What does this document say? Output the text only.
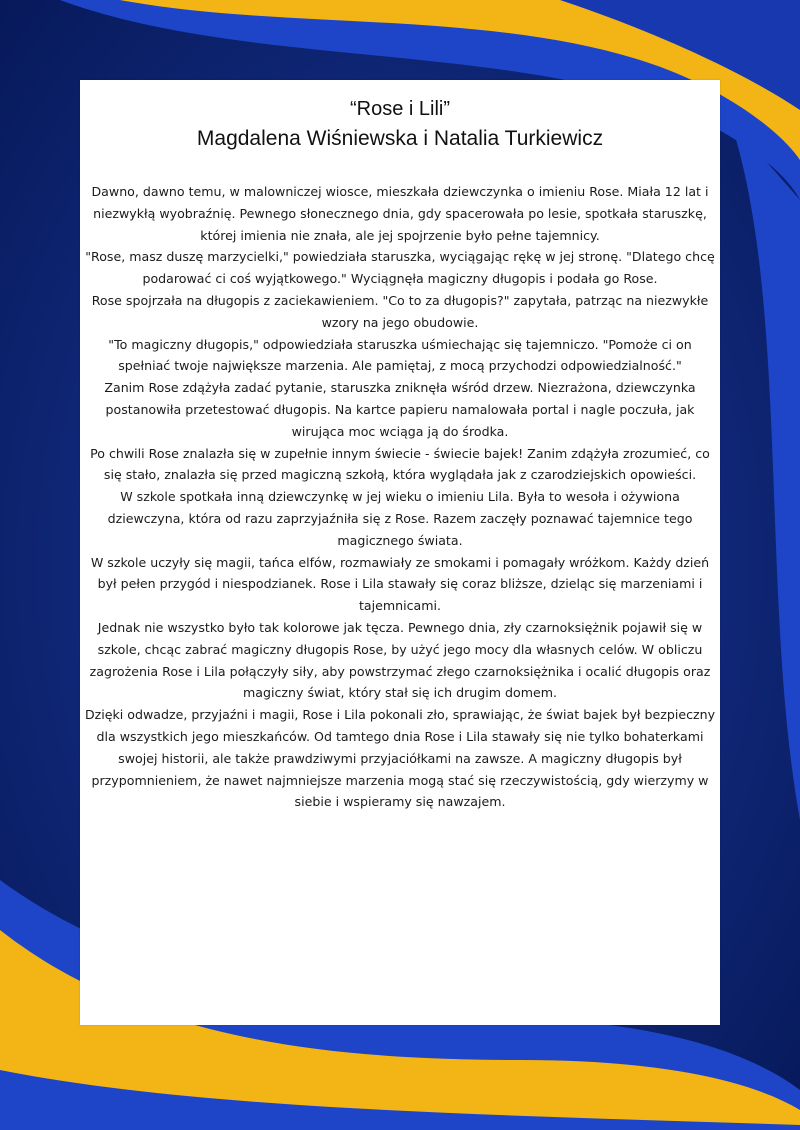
“Rose i Lili”
Magdalena Wiśniewska i Natalia Turkiewicz

Dawno, dawno temu, w malowniczej wiosce, mieszkała dziewczynka o imieniu Rose. Miała 12 lat i niezwykłą wyobraźnię. Pewnego słonecznego dnia, gdy spacerowała po lesie, spotkała staruszkę, której imienia nie znała, ale jej spojrzenie było pełne tajemnicy.

"Rose, masz duszę marzycielki," powiedziała staruszka, wyciągając rękę w jej stronę. "Dlatego chcę podarować ci coś wyjątkowego." Wyciągnęła magiczny długopis i podała go Rose.

Rose spojrzała na długopis z zaciekawieniem. "Co to za długopis?" zapytała, patrząc na niezwykłe wzory na jego obudowie.

"To magiczny długopis," odpowiedziała staruszka uśmiechając się tajemniczo. "Pomoże ci on spełniać twoje największe marzenia. Ale pamiętaj, z mocą przychodzi odpowiedzialność."

Zanim Rose zdążyła zadać pytanie, staruszka zniknęła wśród drzew. Niezrażona, dziewczynka postanowiła przetestować długopis. Na kartce papieru namalowała portal i nagle poczuła, jak wirująca moc wciąga ją do środka.

Po chwili Rose znalazła się w zupełnie innym świecie - świecie bajek! Zanim zdążyła zrozumieć, co się stało, znalazła się przed magiczną szkołą, która wyglądała jak z czarodziejskich opowieści.

W szkole spotkała inną dziewczynkę w jej wieku o imieniu Lila. Była to wesoła i ożywiona dziewczyna, która od razu zaprzyjaźniła się z Rose. Razem zaczęły poznawać tajemnice tego magicznego świata.

W szkole uczyły się magii, tańca elfów, rozmawiały ze smokami i pomagały wróżkom. Każdy dzień był pełen przygód i niespodzianek. Rose i Lila stawały się coraz bliższe, dzieląc się marzeniami i tajemnicami.

Jednak nie wszystko było tak kolorowe jak tęcza. Pewnego dnia, zły czarnoksiężnik pojawił się w szkole, chcąc zabrać magiczny długopis Rose, by użyć jego mocy dla własnych celów. W obliczu zagrożenia Rose i Lila połączyły siły, aby powstrzymać złego czarnoksiężnika i ocalić długopis oraz magiczny świat, który stał się ich drugim domem.

Dzięki odwadze, przyjaźni i magii, Rose i Lila pokonali zło, sprawiając, że świat bajek był bezpieczny dla wszystkich jego mieszkańców. Od tamtego dnia Rose i Lila stawały się nie tylko bohaterkami swojej historii, ale także prawdziwymi przyjaciółkami na zawsze. A magiczny długopis był przypomnieniem, że nawet najmniejsze marzenia mogą stać się rzeczywistością, gdy wierzymy w siebie i wspieramy się nawzajem.
